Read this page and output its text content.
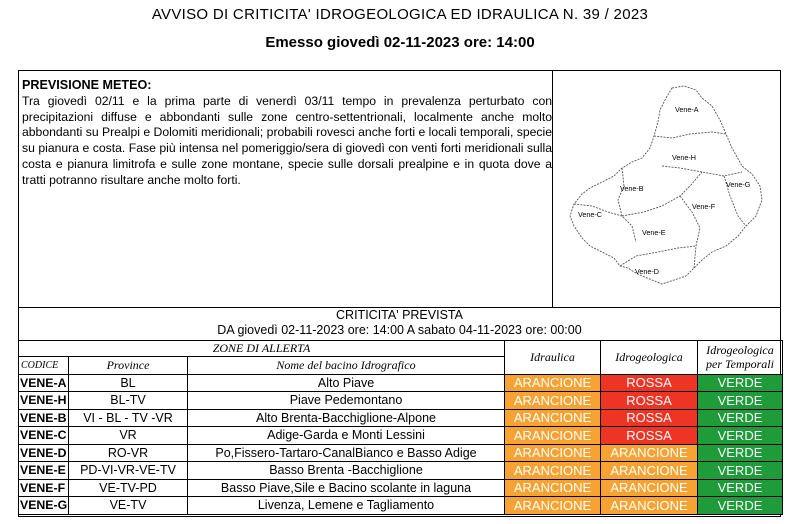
AVVISO DI CRITICITA' IDROGEOLOGICA ED IDRAULICA N. 39 / 2023
Emesso giovedì 02-11-2023 ore: 14:00
PREVISIONE METEO:
Tra giovedì 02/11 e la prima parte di venerdì 03/11 tempo in prevalenza perturbato con precipitazioni diffuse e abbondanti sulle zone centro-settentrionali, localmente anche molto abbondanti su Prealpi e Dolomiti meridionali; probabili rovesci anche forti e locali temporali, specie su pianura e costa. Fase più intensa nel pomeriggio/sera di giovedì con venti forti meridionali sulla costa e pianura limitrofa e sulle zone montane, specie sulle dorsali prealpine e in quota dove a tratti potranno risultare anche molto forti.
Vene-A
Vene-H
Vene-G
Vene-B
Vene-F
Vene-C
Vene-E
Vene-D
CRITICITA' PREVISTA
DA giovedì 02-11-2023 ore: 14:00 A sabato 04-11-2023 ore: 00:00
ZONE DI ALLERTA			Idraulica	Idrogeologica	Idrogeologica
per Temporali
CODICE	Province	Nome del bacino Idrografico			
VENE-A	BL	Alto Piave	ARANCIONE	ROSSA	VERDE
VENE-H	BL-TV	Piave Pedemontano	ARANCIONE	ROSSA	VERDE
VENE-B	VI - BL - TV -VR	Alto Brenta-Bacchiglione-Alpone	ARANCIONE	ROSSA	VERDE
VENE-C	VR	Adige-Garda e Monti Lessini	ARANCIONE	ROSSA	VERDE
VENE-D	RO-VR	Po,Fissero-Tartaro-CanalBianco e Basso Adige	ARANCIONE	ARANCIONE	VERDE
VENE-E	PD-VI-VR-VE-TV	Basso Brenta -Bacchiglione	ARANCIONE	ARANCIONE	VERDE
VENE-F	VE-TV-PD	Basso Piave,Sile e Bacino scolante in laguna	ARANCIONE	ARANCIONE	VERDE
VENE-G	VE-TV	Livenza, Lemene e Tagliamento	ARANCIONE	ARANCIONE	VERDE
